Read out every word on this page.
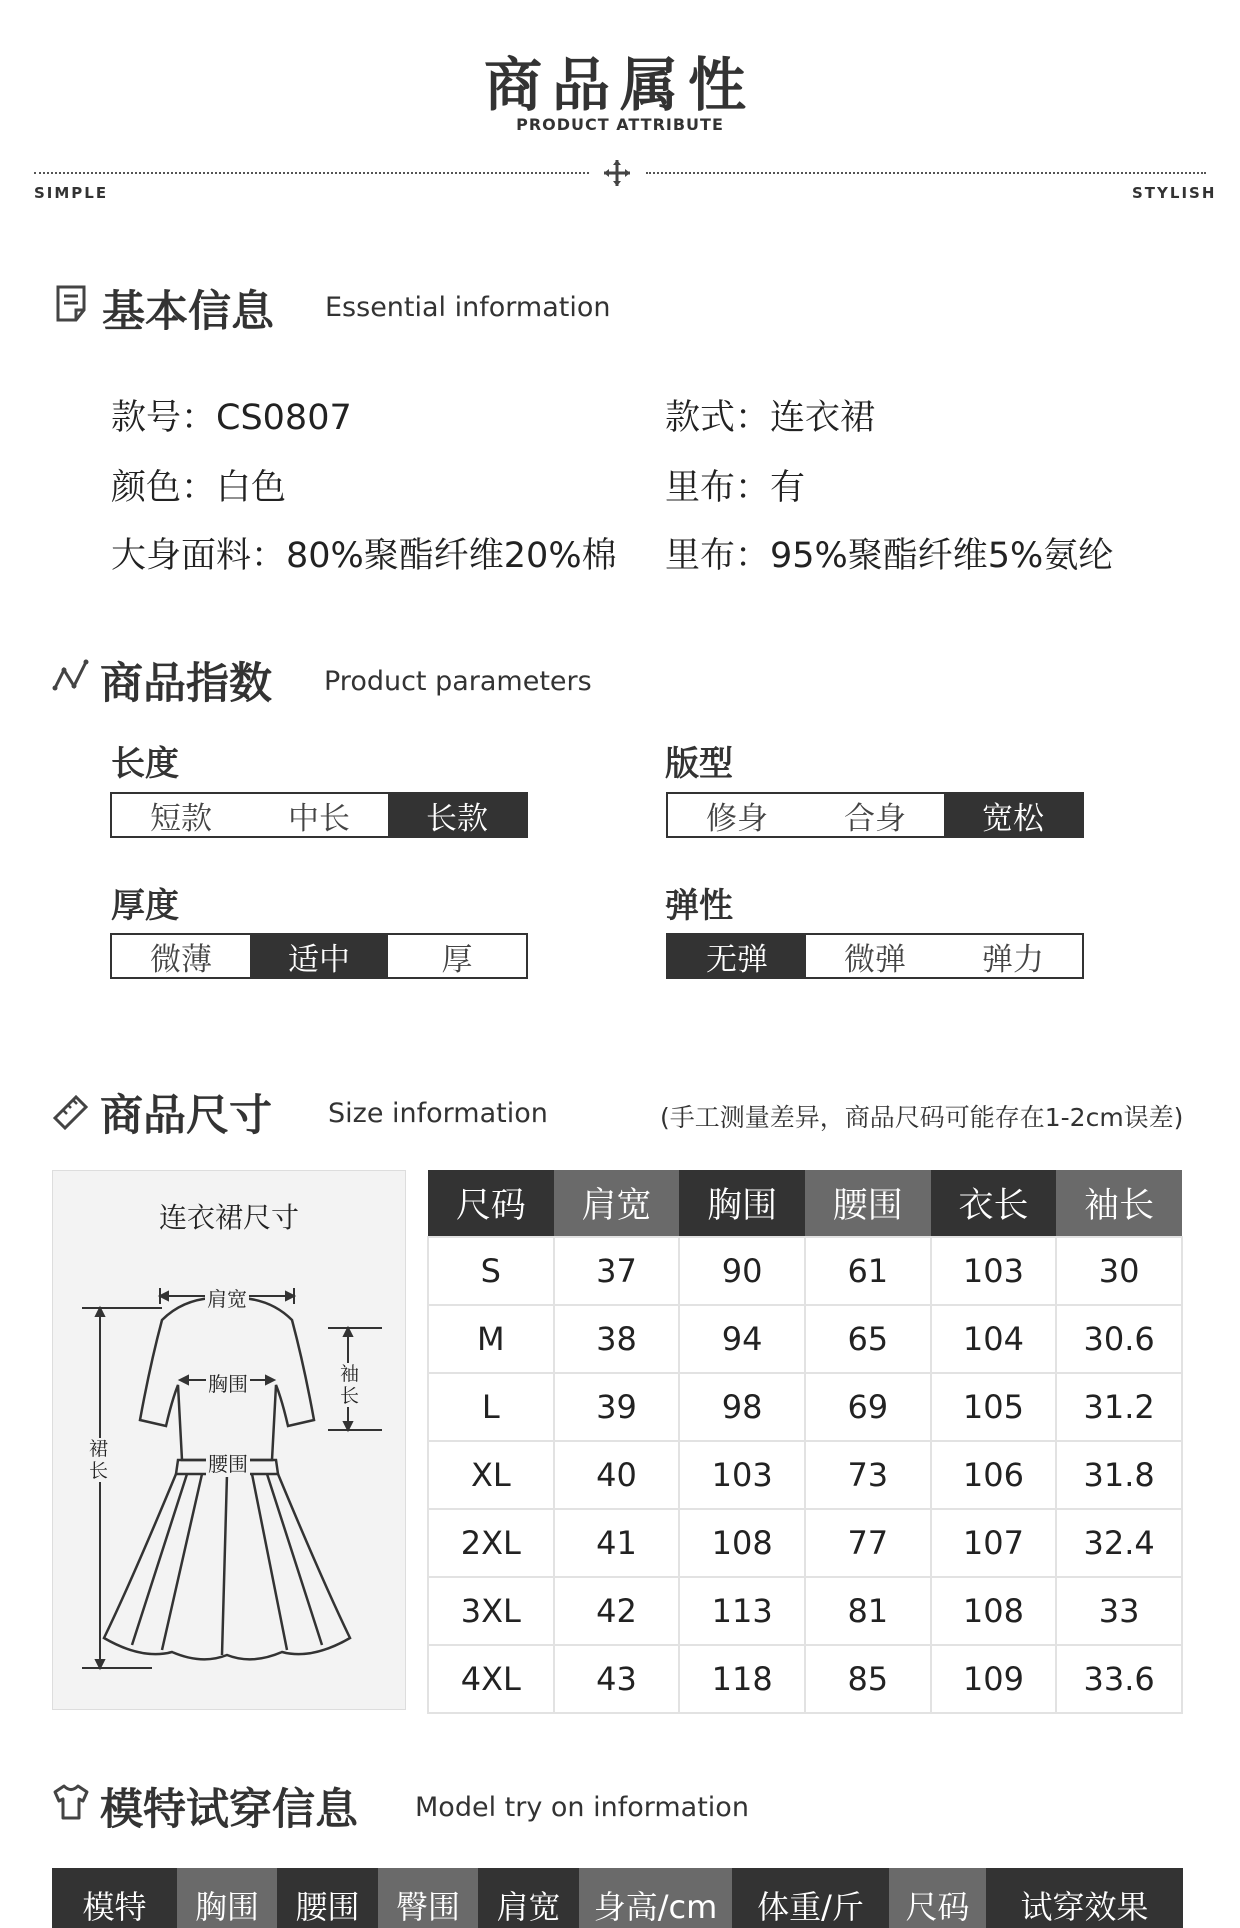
商品属性
PRODUCT ATTRIBUTE
SIMPLE	STYLISH
基本信息 Essential information
款号：CS0807	款式：连衣裙
颜色：白色	里布：有
大身面料：80%聚酯纤维20%棉 里布：95%聚酯纤维5%氨纶
商品指数 Product parameters
长度
短款	中长	长款
版型
修身	合身	宽松
厚度
微薄	适中	厚
弹性
无弹	微弹	弹力
商品尺寸 Size information	(手工测量差异，商品尺码可能存在1-2cm误差)
连衣裙尺寸
肩宽
胸围
腰围
袖长
裙长
尺码	肩宽	胸围	腰围	衣长	袖长
S	37	90	61	103	30
M	38	94	65	104	30.6
L	39	98	69	105	31.2
XL	40	103	73	106	31.8
2XL	41	108	77	107	32.4
3XL	42	113	81	108	33
4XL	43	118	85	109	33.6
模特试穿信息 Model try on information
模特	胸围	腰围	臀围	肩宽	身高/cm	体重/斤	尺码	试穿效果
